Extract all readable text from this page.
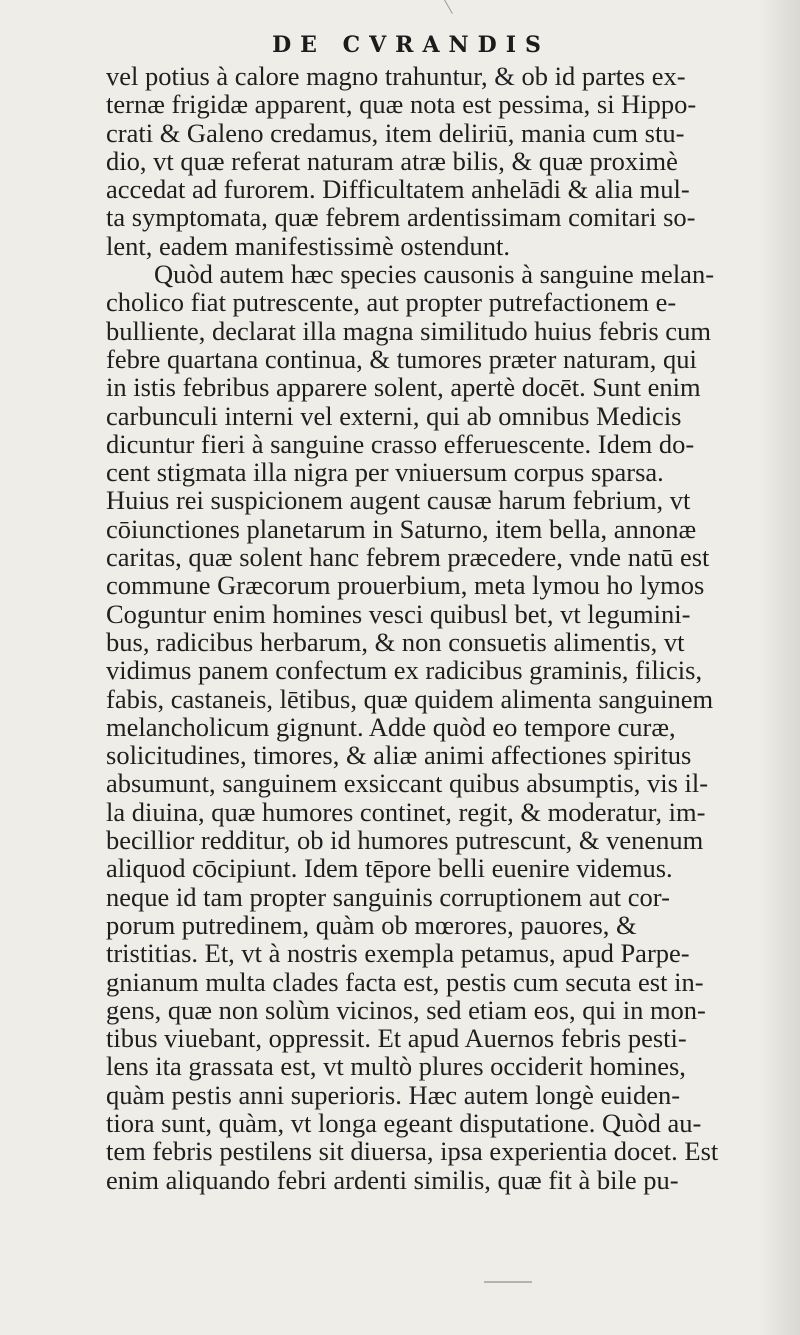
DE CVRANDIS
vel potius à calore magno trahuntur, & ob id partes ex-
ternæ frigidæ apparent, quæ nota est pessima, si Hippo-
crati & Galeno credamus, item deliriū, mania cum stu-
dio, vt quæ referat naturam atræ bilis, & quæ proximè
accedat ad furorem. Difficultatem anhelādi & alia mul-
ta symptomata, quæ febrem ardentissimam comitari so-
lent, eadem manifestissimè ostendunt.
Quòd autem hæc species causonis à sanguine melan-
cholico fiat putrescente, aut propter putrefactionem e-
bulliente, declarat illa magna similitudo huius febris cum
febre quartana continua, & tumores præter naturam, qui
in istis febribus apparere solent, apertè docēt. Sunt enim
carbunculi interni vel externi, qui ab omnibus Medicis
dicuntur fieri à sanguine crasso efferuescente. Idem do-
cent stigmata illa nigra per vniuersum corpus sparsa.
Huius rei suspicionem augent causæ harum febrium, vt
cōiunctiones planetarum in Saturno, item bella, annonæ
caritas, quæ solent hanc febrem præcedere, vnde natū est
commune Græcorum prouerbium, meta lymou ho lymos
Coguntur enim homines vesci quibusl bet, vt legumini-
bus, radicibus herbarum, & non consuetis alimentis, vt
vidimus panem confectum ex radicibus graminis, filicis,
fabis, castaneis, lētibus, quæ quidem alimenta sanguinem
melancholicum gignunt. Adde quòd eo tempore curæ,
solicitudines, timores, & aliæ animi affectiones spiritus
absumunt, sanguinem exsiccant quibus absumptis, vis il-
la diuina, quæ humores continet, regit, & moderatur, im-
becillior redditur, ob id humores putrescunt, & venenum
aliquod cōcipiunt. Idem tēpore belli euenire videmus.
neque id tam propter sanguinis corruptionem aut cor-
porum putredinem, quàm ob mœrores, pauores, &
tristitias. Et, vt à nostris exempla petamus, apud Parpe-
gnianum multa clades facta est, pestis cum secuta est in-
gens, quæ non solùm vicinos, sed etiam eos, qui in mon-
tibus viuebant, oppressit. Et apud Auernos febris pesti-
lens ita grassata est, vt multò plures occiderit homines,
quàm pestis anni superioris. Hæc autem longè euiden-
tiora sunt, quàm, vt longa egeant disputatione. Quòd au-
tem febris pestilens sit diuersa, ipsa experientia docet. Est
enim aliquando febri ardenti similis, quæ fit à bile pu-
